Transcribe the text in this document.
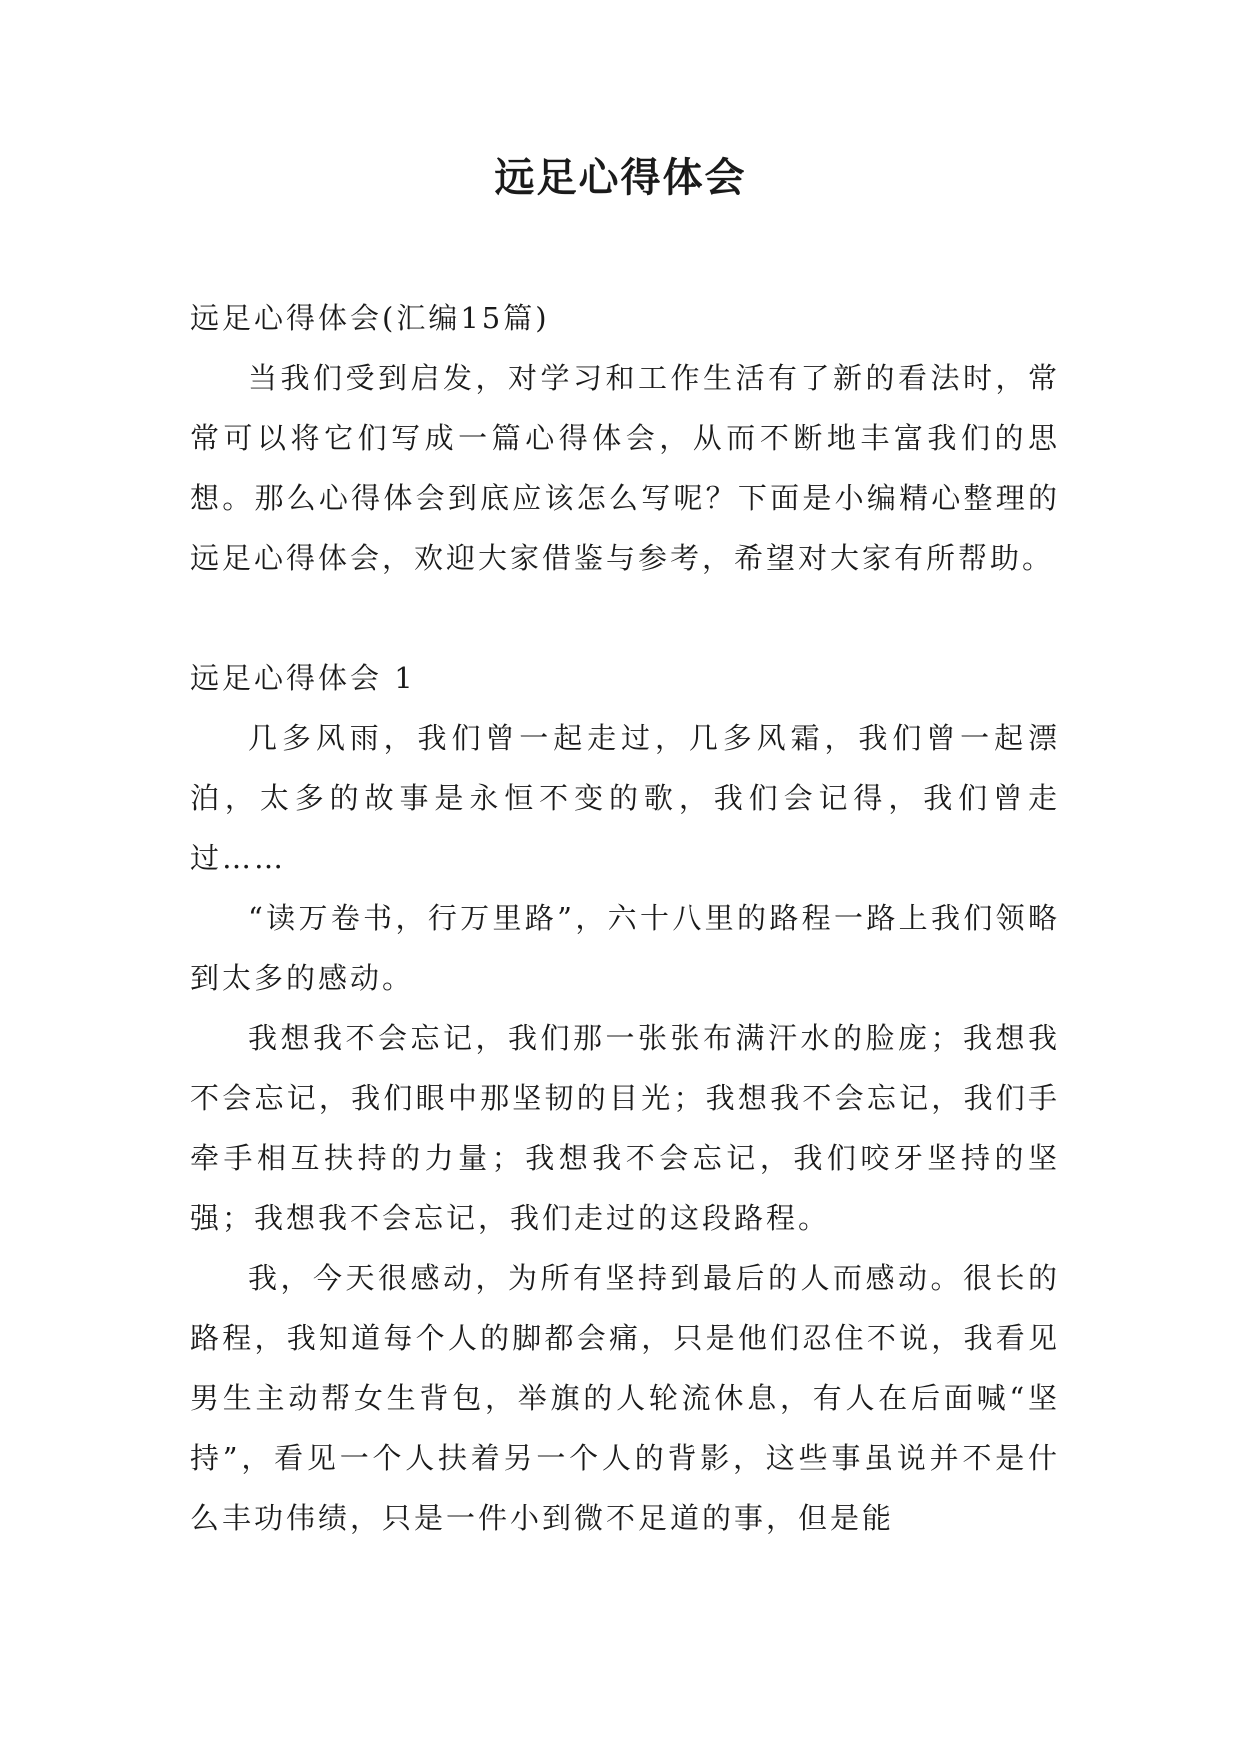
远足心得体会

远足心得体会(汇编15篇)

当我们受到启发，对学习和工作生活有了新的看法时，常常可以将它们写成一篇心得体会，从而不断地丰富我们的思想。那么心得体会到底应该怎么写呢？下面是小编精心整理的远足心得体会，欢迎大家借鉴与参考，希望对大家有所帮助。

远足心得体会 1

几多风雨，我们曾一起走过，几多风霜，我们曾一起漂泊，太多的故事是永恒不变的歌，我们会记得，我们曾走过……

“读万卷书，行万里路”，六十八里的路程一路上我们领略到太多的感动。

我想我不会忘记，我们那一张张布满汗水的脸庞；我想我不会忘记，我们眼中那坚韧的目光；我想我不会忘记，我们手牵手相互扶持的力量；我想我不会忘记，我们咬牙坚持的坚强；我想我不会忘记，我们走过的这段路程。

我，今天很感动，为所有坚持到最后的人而感动。很长的路程，我知道每个人的脚都会痛，只是他们忍住不说，我看见男生主动帮女生背包，举旗的人轮流休息，有人在后面喊“坚持”，看见一个人扶着另一个人的背影，这些事虽说并不是什么丰功伟绩，只是一件小到微不足道的事，但是能
